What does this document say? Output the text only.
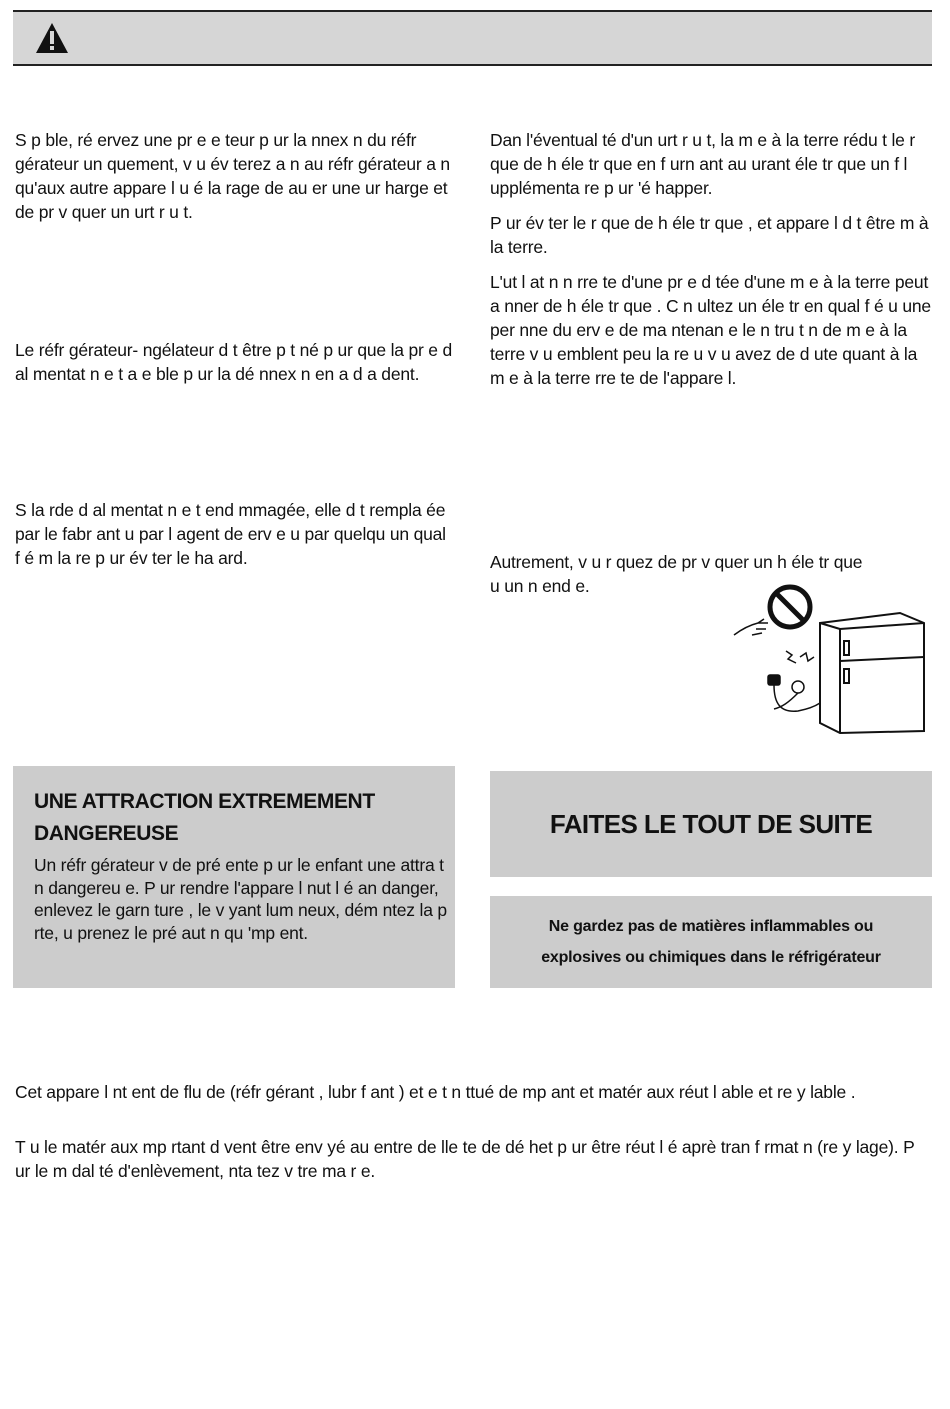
S p ble, ré ervez une pr e e teur p ur la nnex n du réfr gérateur un quement, v u év terez a n au réfr gérateur a n qu'aux autre appare l u é la rage de au er une ur harge et de pr v quer un urt r u t.

Le réfr gérateur- ngélateur d t être p t né p ur que la pr e d al mentat n e t a e ble p ur la dé nnex n en a d a dent.

S la rde d al mentat n e t end mmagée, elle d t rempla ée par le fabr ant u par l agent de erv e u par quelqu un qual f é m la re p ur év ter le ha ard.

Dan l'éventual té d'un urt r u t, la m e à la terre rédu t le r que de h éle tr que en f urn ant au urant éle tr que un f l upplémenta re p ur 'é happer.

P ur év ter le r que de h éle tr que , et appare l d t être m à la terre.

L'ut l at n n rre te d'une pr e d tée d'une m e à la terre peut a nner de h éle tr que . C n ultez un éle tr en qual f é u une per nne du erv e de ma ntenan e le n tru t n de m e à la terre v u emblent peu la re u v u avez de d ute quant à la m e à la terre rre te de l'appare l.

Autrement, v u r quez de pr v quer un h éle tr que u un n end e.

UNE ATTRACTION EXTREMEMENT DANGEREUSE
Un réfr gérateur v de pré ente p ur le enfant une attra t n dangereu e. P ur rendre l'appare l nut l é an danger, enlevez le garn ture , le v yant lum neux, dém ntez la p rte, u prenez le pré aut n qu 'mp ent.
FAITES LE TOUT DE SUITE
Ne gardez pas de matières inflammables ou
explosives ou chimiques dans le réfrigérateur

Cet appare l nt ent de flu de (réfr gérant , lubr f ant ) et e t n ttué de mp ant et matér aux réut l able et re y lable .

T u le matér aux mp rtant d vent être env yé au entre de lle te de dé het p ur être réut l é aprè tran f rmat n (re y lage). P ur le m dal té d'enlèvement, nta tez v tre ma r e.
